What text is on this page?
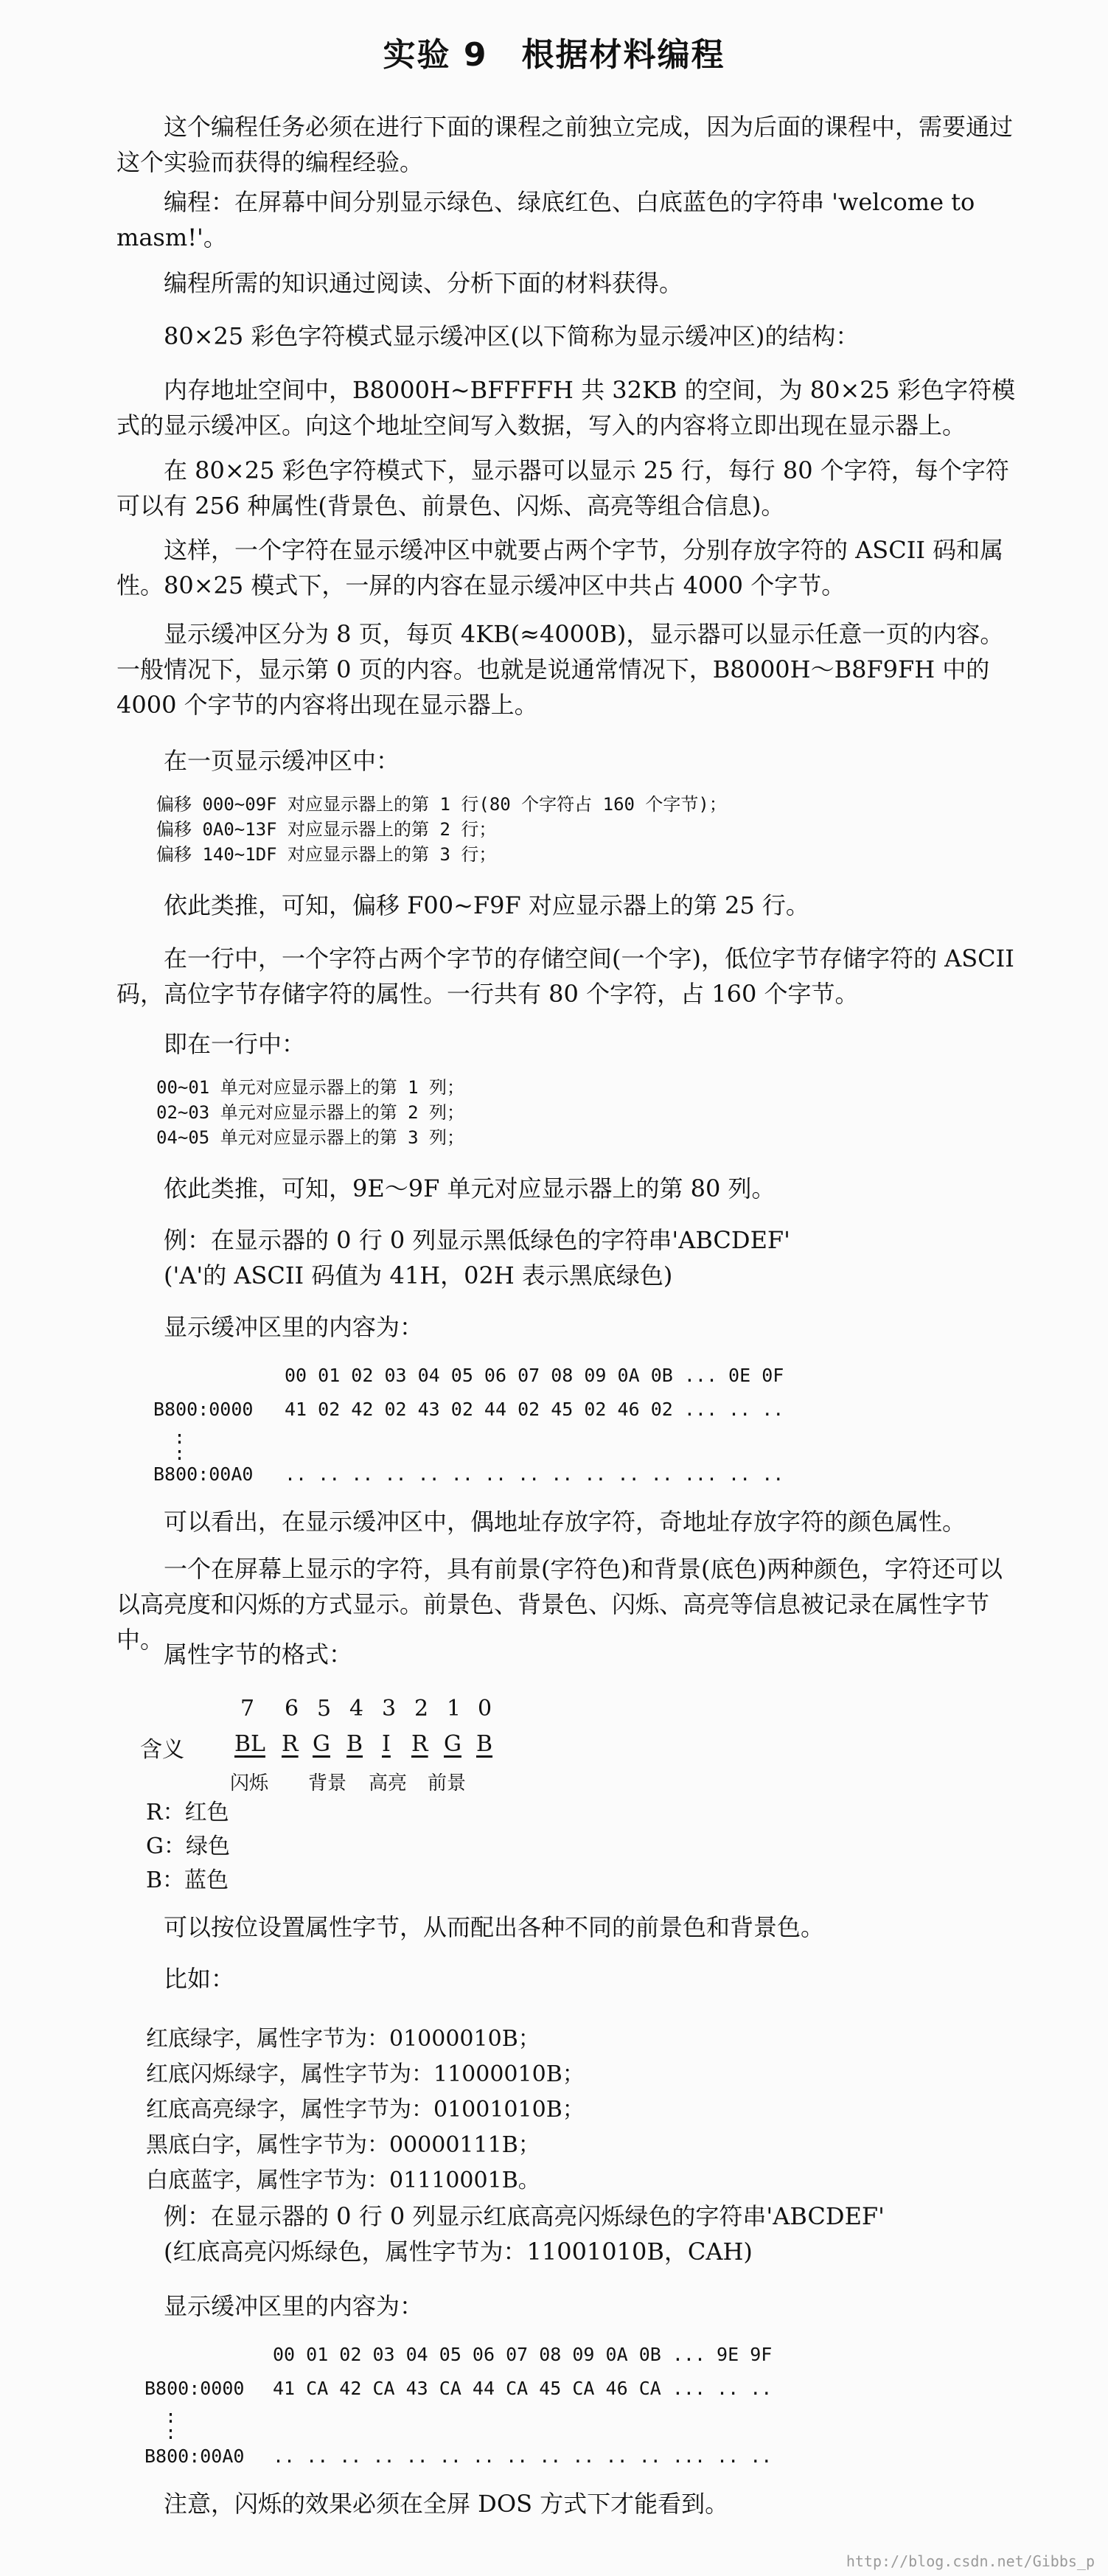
实验 9　根据材料编程
这个编程任务必须在进行下面的课程之前独立完成，因为后面的课程中，需要通过这个实验而获得的编程经验。
编程：在屏幕中间分别显示绿色、绿底红色、白底蓝色的字符串 'welcome to masm!'。
编程所需的知识通过阅读、分析下面的材料获得。
80×25 彩色字符模式显示缓冲区(以下简称为显示缓冲区)的结构：
内存地址空间中，B8000H~BFFFFH 共 32KB 的空间，为 80×25 彩色字符模式的显示缓冲区。向这个地址空间写入数据，写入的内容将立即出现在显示器上。
在 80×25 彩色字符模式下，显示器可以显示 25 行，每行 80 个字符，每个字符可以有 256 种属性(背景色、前景色、闪烁、高亮等组合信息)。
这样，一个字符在显示缓冲区中就要占两个字节，分别存放字符的 ASCII 码和属性。80×25 模式下，一屏的内容在显示缓冲区中共占 4000 个字节。
显示缓冲区分为 8 页，每页 4KB(≈4000B)，显示器可以显示任意一页的内容。一般情况下，显示第 0 页的内容。也就是说通常情况下，B8000H～B8F9FH 中的 4000 个字节的内容将出现在显示器上。
在一页显示缓冲区中：
偏移 000~09F 对应显示器上的第 1 行(80 个字符占 160 个字节)；
偏移 0A0~13F 对应显示器上的第 2 行；
偏移 140~1DF 对应显示器上的第 3 行；
依此类推，可知，偏移 F00~F9F 对应显示器上的第 25 行。
在一行中，一个字符占两个字节的存储空间(一个字)，低位字节存储字符的 ASCII 码，高位字节存储字符的属性。一行共有 80 个字符，占 160 个字节。
即在一行中：
00~01 单元对应显示器上的第 1 列；
02~03 单元对应显示器上的第 2 列；
04~05 单元对应显示器上的第 3 列；
依此类推，可知，9E～9F 单元对应显示器上的第 80 列。
例：在显示器的 0 行 0 列显示黑低绿色的字符串'ABCDEF'
('A'的 ASCII 码值为 41H，02H 表示黑底绿色)
显示缓冲区里的内容为：
00 01 02 03 04 05 06 07 08 09 0A 0B ... 0E 0F
B800:0000 41 02 42 02 43 02 44 02 45 02 46 02 ... .. ..
:
:
B800:00A0 .. .. .. .. .. .. .. .. .. .. .. .. ... .. ..
可以看出，在显示缓冲区中，偶地址存放字符，奇地址存放字符的颜色属性。
一个在屏幕上显示的字符，具有前景(字符色)和背景(底色)两种颜色，字符还可以以高亮度和闪烁的方式显示。前景色、背景色、闪烁、高亮等信息被记录在属性字节中。
属性字节的格式：
7 6 5 4 3 2 1 0
含义 BL R G B I R G B
闪烁 背景 高亮 前景
R：红色
G：绿色
B：蓝色
可以按位设置属性字节，从而配出各种不同的前景色和背景色。
比如：
红底绿字，属性字节为：01000010B；
红底闪烁绿字，属性字节为：11000010B；
红底高亮绿字，属性字节为：01001010B；
黑底白字，属性字节为：00000111B；
白底蓝字，属性字节为：01110001B。
例：在显示器的 0 行 0 列显示红底高亮闪烁绿色的字符串'ABCDEF'
(红底高亮闪烁绿色，属性字节为：11001010B，CAH)
显示缓冲区里的内容为：
00 01 02 03 04 05 06 07 08 09 0A 0B ... 9E 9F
B800:0000 41 CA 42 CA 43 CA 44 CA 45 CA 46 CA ... .. ..
:
:
B800:00A0 .. .. .. .. .. .. .. .. .. .. .. .. ... .. ..
注意，闪烁的效果必须在全屏 DOS 方式下才能看到。
http://blog.csdn.net/Gibbs_p
